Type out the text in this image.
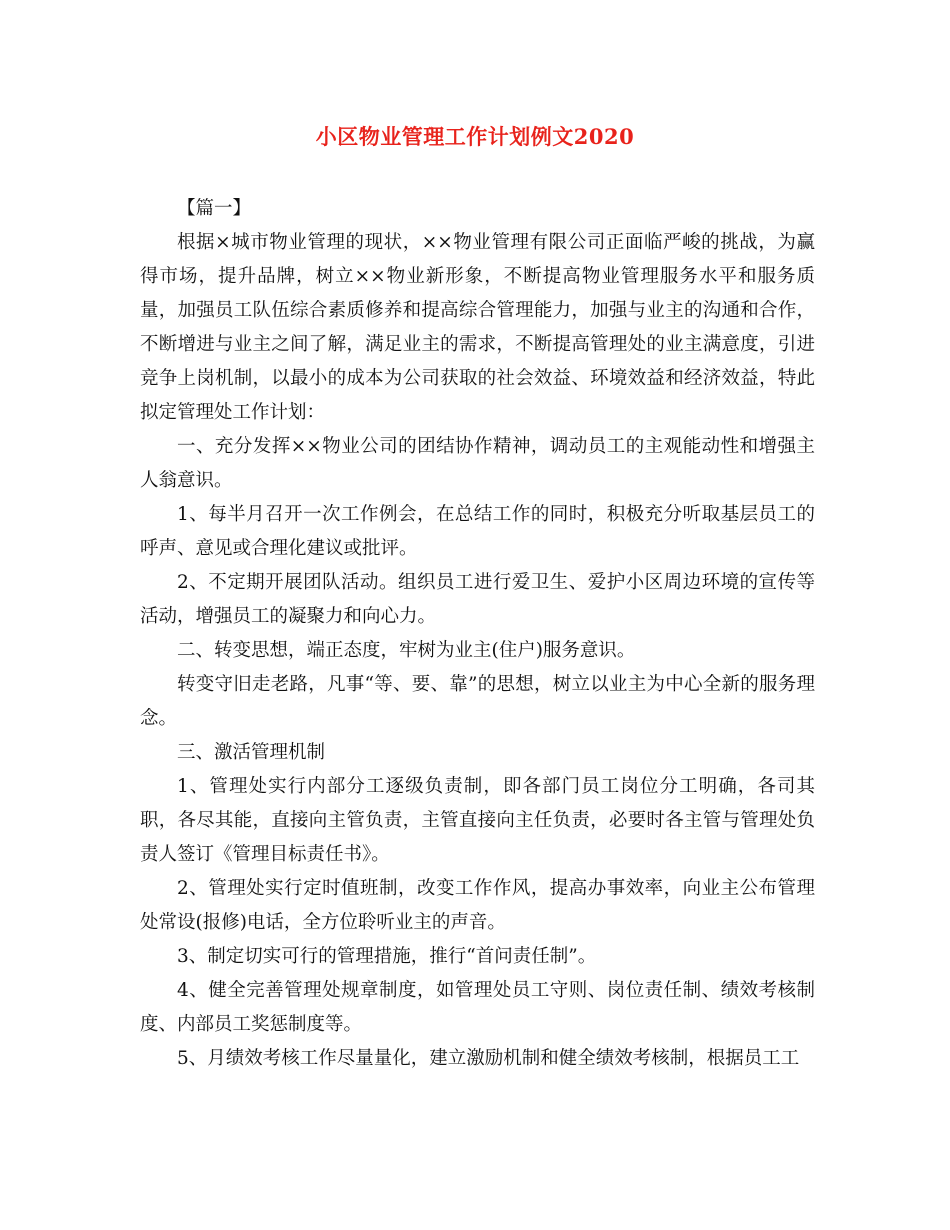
小区物业管理工作计划例文2020

【篇一】

根据×城市物业管理的现状，××物业管理有限公司正面临严峻的挑战，为赢得市场，提升品牌，树立××物业新形象，不断提高物业管理服务水平和服务质量，加强员工队伍综合素质修养和提高综合管理能力，加强与业主的沟通和合作，不断增进与业主之间了解，满足业主的需求，不断提高管理处的业主满意度，引进竞争上岗机制，以最小的成本为公司获取的社会效益、环境效益和经济效益，特此拟定管理处工作计划：

一、充分发挥××物业公司的团结协作精神，调动员工的主观能动性和增强主人翁意识。

1、每半月召开一次工作例会，在总结工作的同时，积极充分听取基层员工的呼声、意见或合理化建议或批评。

2、不定期开展团队活动。组织员工进行爱卫生、爱护小区周边环境的宣传等活动，增强员工的凝聚力和向心力。

二、转变思想，端正态度，牢树为业主(住户)服务意识。

转变守旧走老路，凡事“等、要、靠”的思想，树立以业主为中心全新的服务理念。

三、激活管理机制

1、管理处实行内部分工逐级负责制，即各部门员工岗位分工明确，各司其职，各尽其能，直接向主管负责，主管直接向主任负责，必要时各主管与管理处负责人签订《管理目标责任书》。

2、管理处实行定时值班制，改变工作作风，提高办事效率，向业主公布管理处常设(报修)电话，全方位聆听业主的声音。

3、制定切实可行的管理措施，推行“首问责任制”。

4、健全完善管理处规章制度，如管理处员工守则、岗位责任制、绩效考核制度、内部员工奖惩制度等。

5、月绩效考核工作尽量量化，建立激励机制和健全绩效考核制，根据员工工
